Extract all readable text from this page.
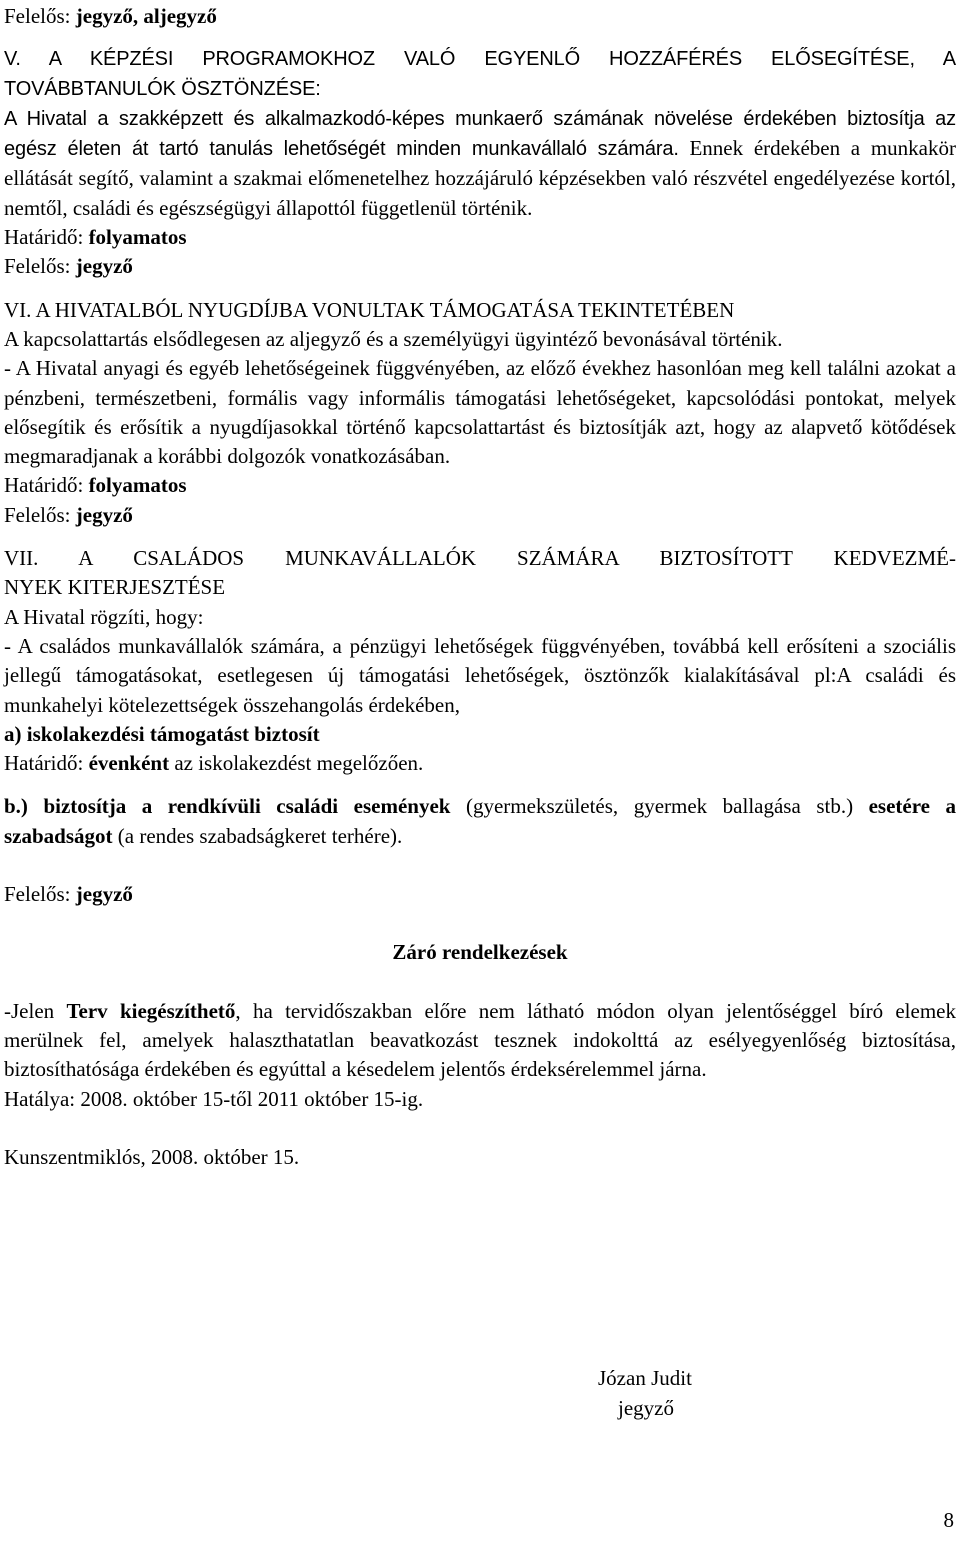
Felelős: jegyző, aljegyző

V. A KÉPZÉSI PROGRAMOKHOZ VALÓ EGYENLŐ HOZZÁFÉRÉS ELŐSEGÍTÉSE, A

TOVÁBBTANULÓK ÖSZTÖNZÉSE:

A Hivatal a szakképzett és alkalmazkodó-képes munkaerő számának növelése érdekében biztosítja az egész életen át tartó tanulás lehetőségét minden munkavállaló számára. Ennek érdekében a munkakör ellátását segítő, valamint a szakmai előmenetelhez hozzájáruló képzésekben való részvétel engedélyezése kortól, nemtől, családi és egészségügyi állapottól függetlenül történik.

Határidő: folyamatos

Felelős: jegyző

VI. A HIVATALBÓL NYUGDÍJBA VONULTAK TÁMOGATÁSA TEKINTETÉBEN

A kapcsolattartás elsődlegesen az aljegyző és a személyügyi ügyintéző bevonásával történik.

- A Hivatal anyagi és egyéb lehetőségeinek függvényében, az előző évekhez hasonlóan meg kell találni azokat a pénzbeni, természetbeni, formális vagy informális támogatási lehetőségeket, kapcsolódási pontokat, melyek elősegítik és erősítik a nyugdíjasokkal történő kapcsolattartást és biztosítják azt, hogy az alapvető kötődések megmaradjanak a korábbi dolgozók vonatkozásában.

Határidő: folyamatos

Felelős: jegyző

VII. A CSALÁDOS MUNKAVÁLLALÓK SZÁMÁRA BIZTOSÍTOTT KEDVEZMÉ-

NYEK KITERJESZTÉSE

A Hivatal rögzíti, hogy:

- A családos munkavállalók számára, a pénzügyi lehetőségek függvényében, továbbá kell erősíteni a szociális jellegű támogatásokat, esetlegesen új támogatási lehetőségek, ösztönzők kialakításával pl:A családi és munkahelyi kötelezettségek összehangolás érdekében,

a) iskolakezdési támogatást biztosít

Határidő: évenként az iskolakezdést megelőzően.

b.) biztosítja a rendkívüli családi események (gyermekszületés, gyermek ballagása stb.) esetére a szabadságot (a rendes szabadságkeret terhére).

Felelős: jegyző

Záró rendelkezések

-Jelen Terv kiegészíthető, ha tervidőszakban előre nem látható módon olyan jelentőséggel bíró elemek merülnek fel, amelyek halaszthatatlan beavatkozást tesznek indokolttá az esélyegyenlőség biztosítása, biztosíthatósága érdekében és egyúttal a késedelem jelentős érdeksérelemmel járna.

Hatálya: 2008. október 15-től 2011 október 15-ig.

Kunszentmiklós, 2008. október 15.

Józan Judit

jegyző

8
